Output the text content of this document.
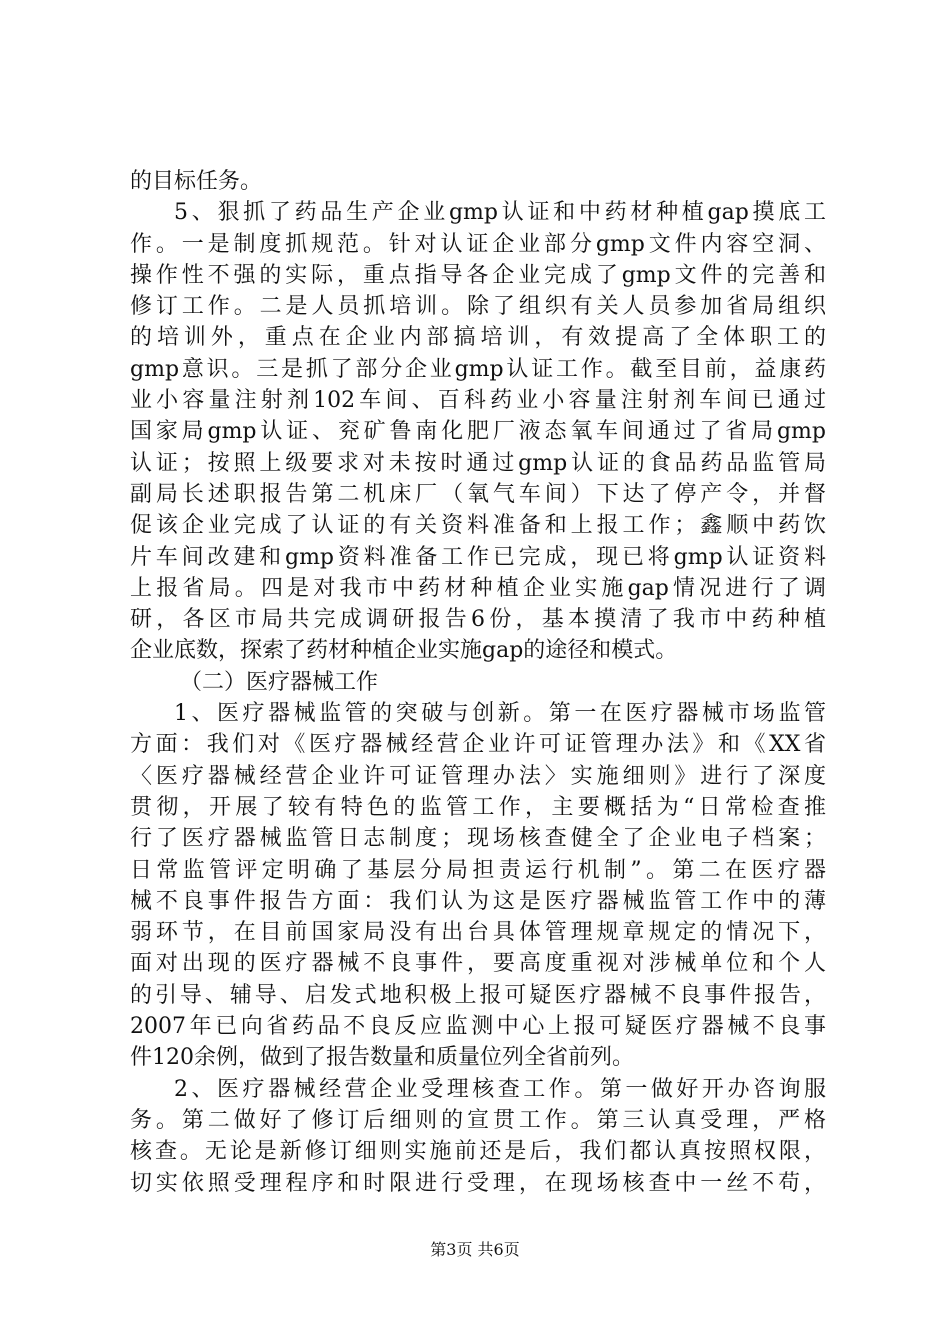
的目标任务。
5、狠抓了药品生产企业gmp认证和中药材种植gap摸底工
作。一是制度抓规范。针对认证企业部分gmp文件内容空洞、
操作性不强的实际，重点指导各企业完成了gmp文件的完善和
修订工作。二是人员抓培训。除了组织有关人员参加省局组织
的培训外，重点在企业内部搞培训，有效提高了全体职工的
gmp意识。三是抓了部分企业gmp认证工作。截至目前，益康药
业小容量注射剂102车间、百科药业小容量注射剂车间已通过
国家局gmp认证、兖矿鲁南化肥厂液态氧车间通过了省局gmp
认证；按照上级要求对未按时通过gmp认证的食品药品监管局
副局长述职报告第二机床厂（氧气车间）下达了停产令，并督
促该企业完成了认证的有关资料准备和上报工作；鑫顺中药饮
片车间改建和gmp资料准备工作已完成，现已将gmp认证资料
上报省局。四是对我市中药材种植企业实施gap情况进行了调
研，各区市局共完成调研报告6份，基本摸清了我市中药种植
企业底数，探索了药材种植企业实施gap的途径和模式。
（二）医疗器械工作
1、医疗器械监管的突破与创新。第一在医疗器械市场监管
方面：我们对《医疗器械经营企业许可证管理办法》和《XX省
〈医疗器械经营企业许可证管理办法〉实施细则》进行了深度
贯彻，开展了较有特色的监管工作，主要概括为“日常检查推
行了医疗器械监管日志制度；现场核查健全了企业电子档案；
日常监管评定明确了基层分局担责运行机制”。第二在医疗器
械不良事件报告方面：我们认为这是医疗器械监管工作中的薄
弱环节，在目前国家局没有出台具体管理规章规定的情况下，
面对出现的医疗器械不良事件，要高度重视对涉械单位和个人
的引导、辅导、启发式地积极上报可疑医疗器械不良事件报告，
2007年已向省药品不良反应监测中心上报可疑医疗器械不良事
件120余例，做到了报告数量和质量位列全省前列。
2、医疗器械经营企业受理核查工作。第一做好开办咨询服
务。第二做好了修订后细则的宣贯工作。第三认真受理，严格
核查。无论是新修订细则实施前还是后，我们都认真按照权限，
切实依照受理程序和时限进行受理，在现场核查中一丝不苟，
第3页 共6页
